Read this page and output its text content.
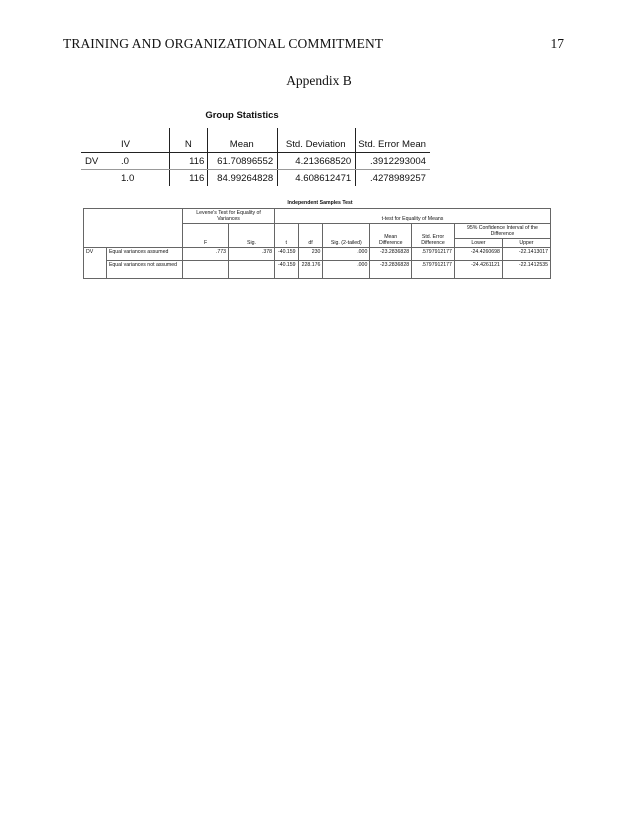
TRAINING AND ORGANIZATIONAL COMMITMENT	17
Appendix B
Group Statistics
	IV	N	Mean	Std. Deviation	Std. Error Mean
DV	.0	116	61.70896552	4.213668520	.3912293004
	1.0	116	84.99264828	4.608612471	.4278989257
Independent Samples Test
		Levene's Test for Equality of Variances		t-test for Equality of Means						
		F	Sig.	t	df	Sig. (2-tailed)	Mean Difference	Std. Error Difference	95% Confidence Interval of the Difference	
									Lower	Upper
DV	Equal variances assumed	.773	.378	-40.159	230	.000	-23.2836828	.5797912177	-24.4260698	-22.1413017
	Equal variances not assumed			-40.159	228.176	.000	-23.2836828	.5797912177	-24.4261121	-22.1412535
